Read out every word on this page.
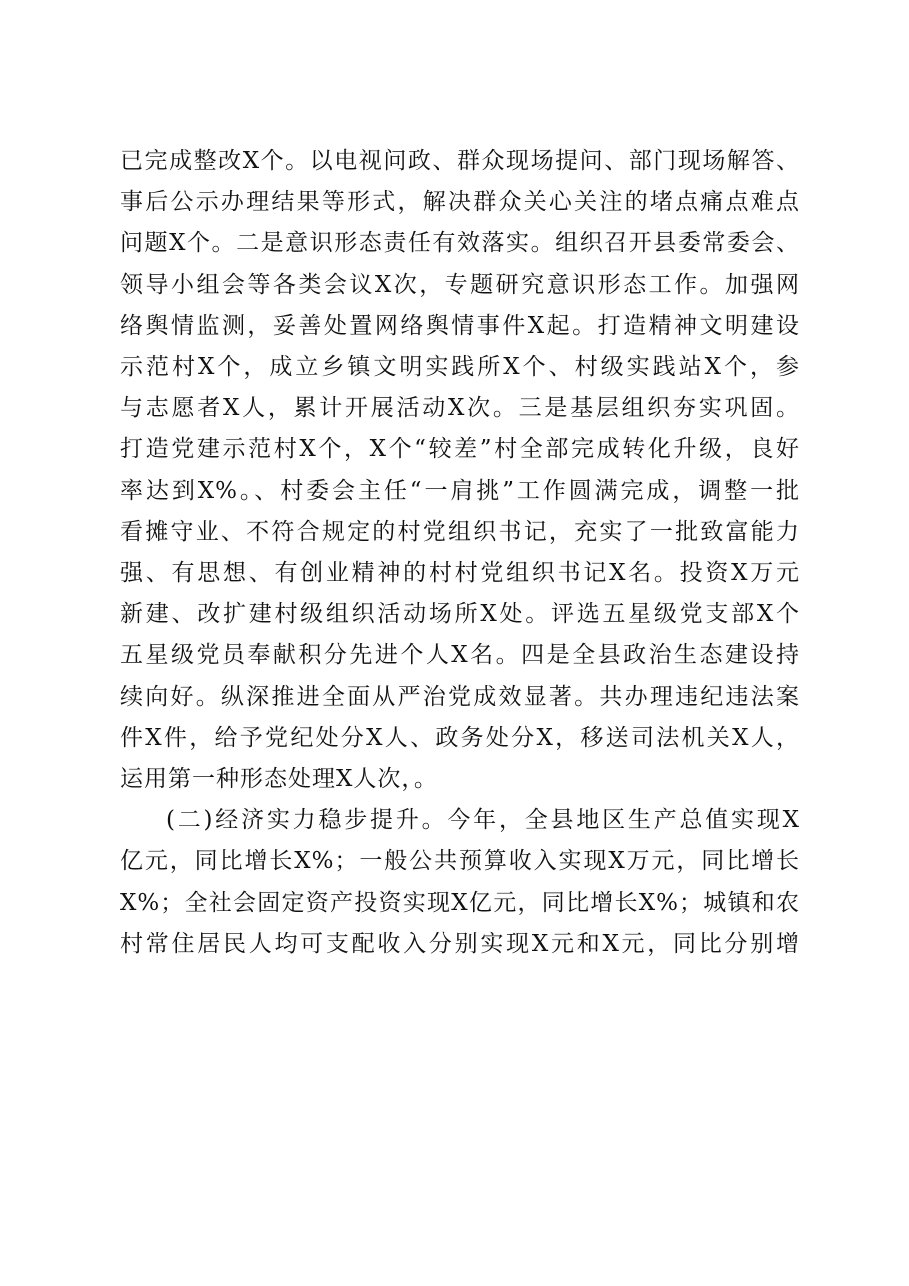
已完成整改X个。以电视问政、群众现场提问、部门现场解答、
事后公示办理结果等形式，解决群众关心关注的堵点痛点难点
问题X个。二是意识形态责任有效落实。组织召开县委常委会、
领导小组会等各类会议X次，专题研究意识形态工作。加强网
络舆情监测，妥善处置网络舆情事件X起。打造精神文明建设
示范村X个，成立乡镇文明实践所X个、村级实践站X个，参
与志愿者X人，累计开展活动X次。三是基层组织夯实巩固。
打造党建示范村X个，X个“较差”村全部完成转化升级，良好
率达到X%。、村委会主任“一肩挑”工作圆满完成，调整一批
看摊守业、不符合规定的村党组织书记，充实了一批致富能力
强、有思想、有创业精神的村村党组织书记X名。投资X万元
新建、改扩建村级组织活动场所X处。评选五星级党支部X个
五星级党员奉献积分先进个人X名。四是全县政治生态建设持
续向好。纵深推进全面从严治党成效显著。共办理违纪违法案
件X件，给予党纪处分X人、政务处分X，移送司法机关X人，
运用第一种形态处理X人次，。

(二)经济实力稳步提升。今年，全县地区生产总值实现X
亿元，同比增长X%；一般公共预算收入实现X万元，同比增长
X%；全社会固定资产投资实现X亿元，同比增长X%；城镇和农
村常住居民人均可支配收入分别实现X元和X元，同比分别增
